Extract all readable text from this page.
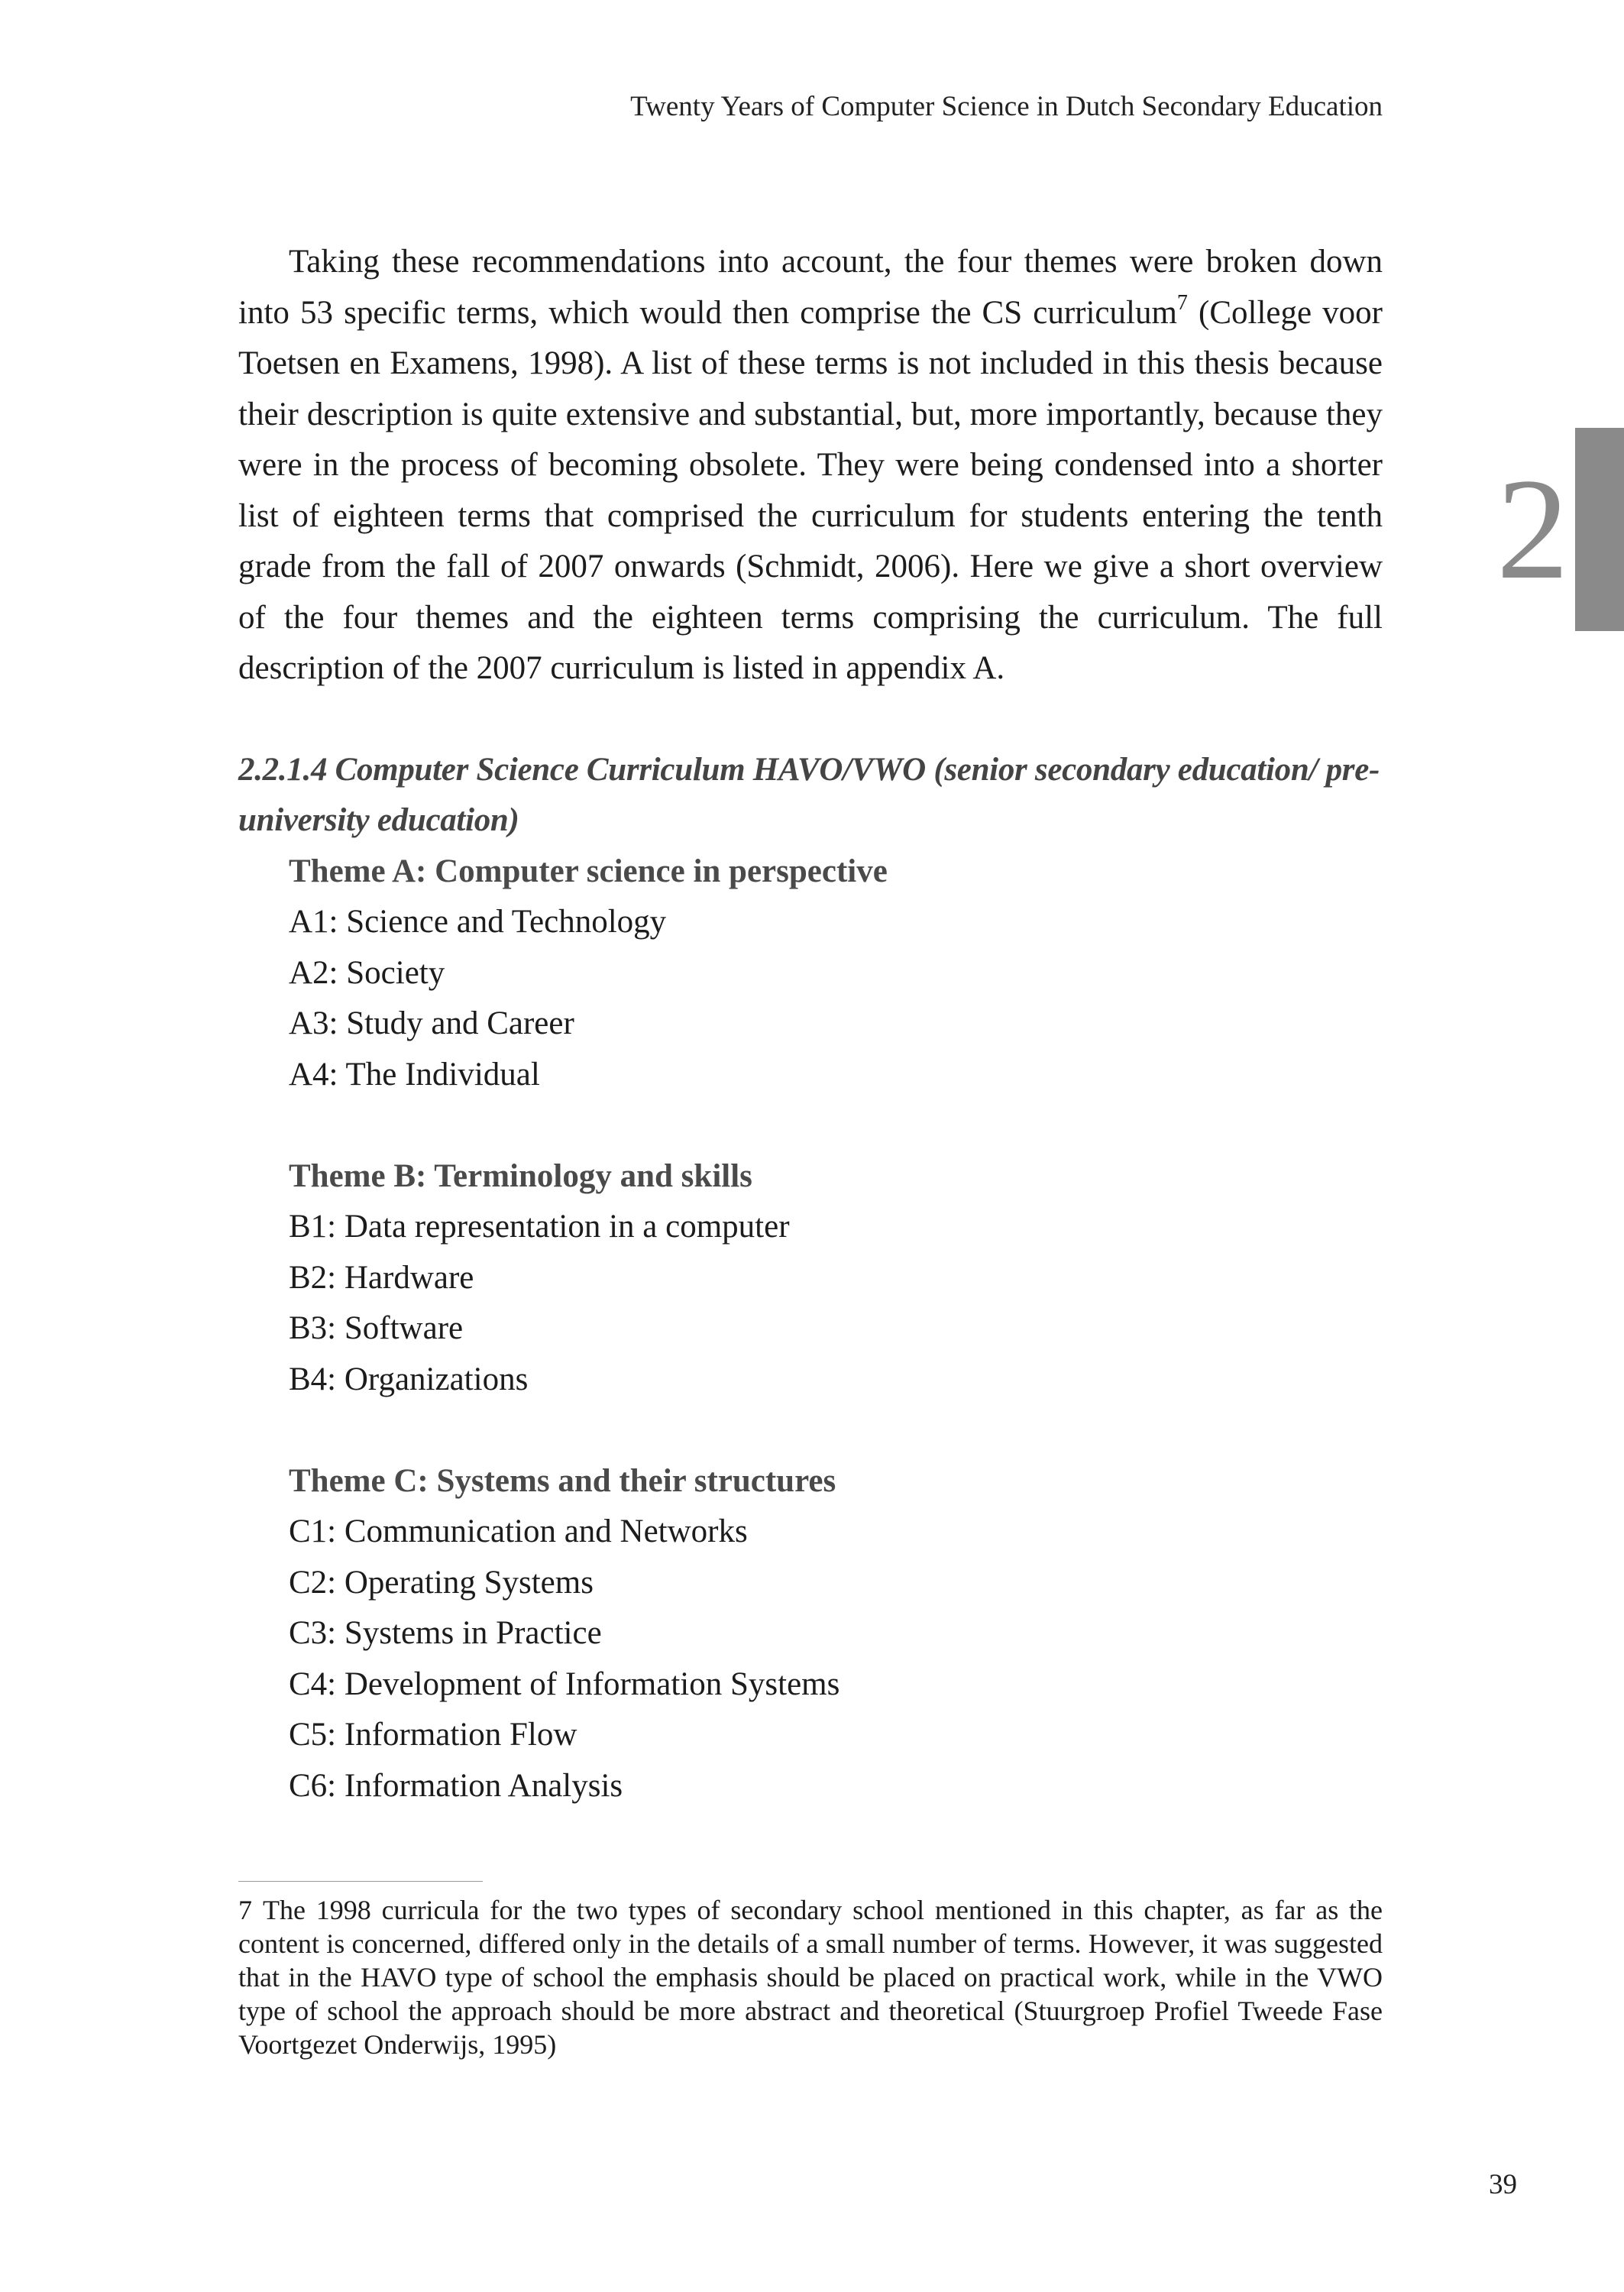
Twenty Years of Computer Science in Dutch Secondary Education
2

Taking these recommendations into account, the four themes were broken down into 53 specific terms, which would then comprise the CS curriculum$^7$ (College voor Toetsen en Examens, 1998). A list of these terms is not included in this thesis because their description is quite extensive and substantial, but, more importantly, because they were in the process of becoming obsolete. They were being condensed into a shorter list of eighteen terms that comprised the curriculum for students entering the tenth grade from the fall of 2007 onwards (Schmidt, 2006). Here we give a short overview of the four themes and the eighteen terms comprising the curriculum. The full description of the 2007 curriculum is listed in appendix A.

2.2.1.4 Computer Science Curriculum HAVO/VWO (senior secondary education/ pre-university education)
Theme A: Computer science in perspective
A1: Science and Technology
A2: Society
A3: Study and Career
A4: The Individual
Theme B: Terminology and skills
B1: Data representation in a computer
B2: Hardware
B3: Software
B4: Organizations
Theme C: Systems and their structures
C1: Communication and Networks
C2: Operating Systems
C3: Systems in Practice
C4: Development of Information Systems
C5: Information Flow
C6: Information Analysis

7 The 1998 curricula for the two types of secondary school mentioned in this chapter, as far as the content is concerned, differed only in the details of a small number of terms. However, it was suggested that in the HAVO type of school the emphasis should be placed on practical work, while in the VWO type of school the approach should be more abstract and theoretical (Stuurgroep Profiel Tweede Fase Voortgezet Onderwijs, 1995)

39
